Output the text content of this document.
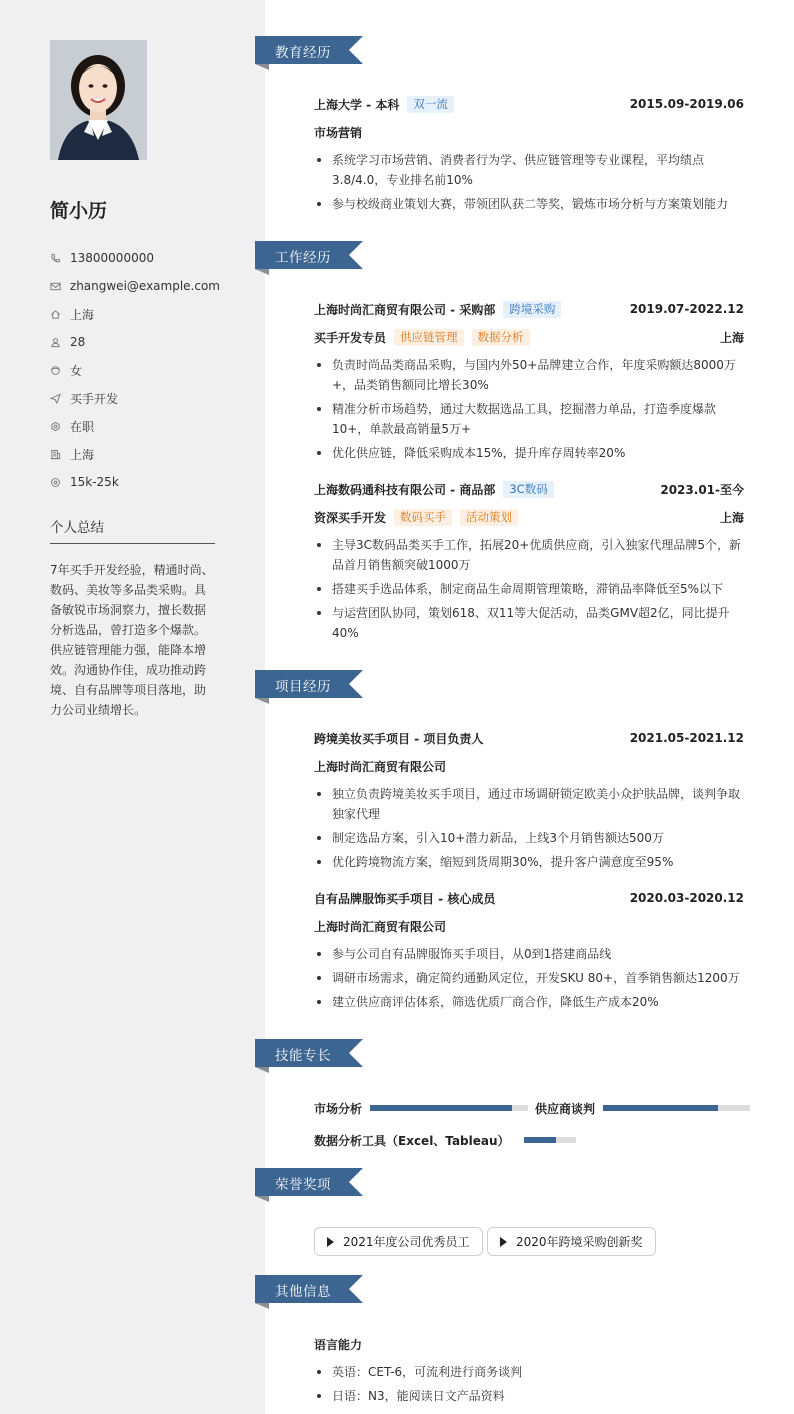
简小历
13800000000
zhangwei@example.com
上海
28
女
买手开发
在职
上海
15k-25k
个人总结
7年买手开发经验，精通时尚、数码、美妆等多品类采购。具备敏锐市场洞察力，擅长数据分析选品，曾打造多个爆款。供应链管理能力强，能降本增效。沟通协作佳，成功推动跨境、自有品牌等项目落地，助力公司业绩增长。
教育经历
上海大学 - 本科	双一流	2015.09-2019.06
市场营销
系统学习市场营销、消费者行为学、供应链管理等专业课程，平均绩点3.8/4.0，专业排名前10%
参与校级商业策划大赛，带领团队获二等奖，锻炼市场分析与方案策划能力
工作经历
上海时尚汇商贸有限公司 - 采购部	跨境采购	2019.07-2022.12
买手开发专员	供应链管理	数据分析	上海
负责时尚品类商品采购，与国内外50+品牌建立合作，年度采购额达8000万+，品类销售额同比增长30%
精准分析市场趋势，通过大数据选品工具，挖掘潜力单品，打造季度爆款10+，单款最高销量5万+
优化供应链，降低采购成本15%，提升库存周转率20%
上海数码通科技有限公司 - 商品部	3C数码	2023.01-至今
资深买手开发	数码买手	活动策划	上海
主导3C数码品类买手工作，拓展20+优质供应商，引入独家代理品牌5个，新品首月销售额突破1000万
搭建买手选品体系，制定商品生命周期管理策略，滞销品率降低至5%以下
与运营团队协同，策划618、双11等大促活动，品类GMV超2亿，同比提升40%
项目经历
跨境美妆买手项目 - 项目负责人	2021.05-2021.12
上海时尚汇商贸有限公司
独立负责跨境美妆买手项目，通过市场调研锁定欧美小众护肤品牌，谈判争取独家代理
制定选品方案，引入10+潜力新品，上线3个月销售额达500万
优化跨境物流方案，缩短到货周期30%，提升客户满意度至95%
自有品牌服饰买手项目 - 核心成员	2020.03-2020.12
上海时尚汇商贸有限公司
参与公司自有品牌服饰买手项目，从0到1搭建商品线
调研市场需求，确定简约通勤风定位，开发SKU 80+，首季销售额达1200万
建立供应商评估体系，筛选优质厂商合作，降低生产成本20%
技能专长
市场分析	供应商谈判
数据分析工具（Excel、Tableau）
荣誉奖项
2021年度公司优秀员工	2020年跨境采购创新奖
其他信息
语言能力
英语：CET-6，可流利进行商务谈判
日语：N3，能阅读日文产品资料
